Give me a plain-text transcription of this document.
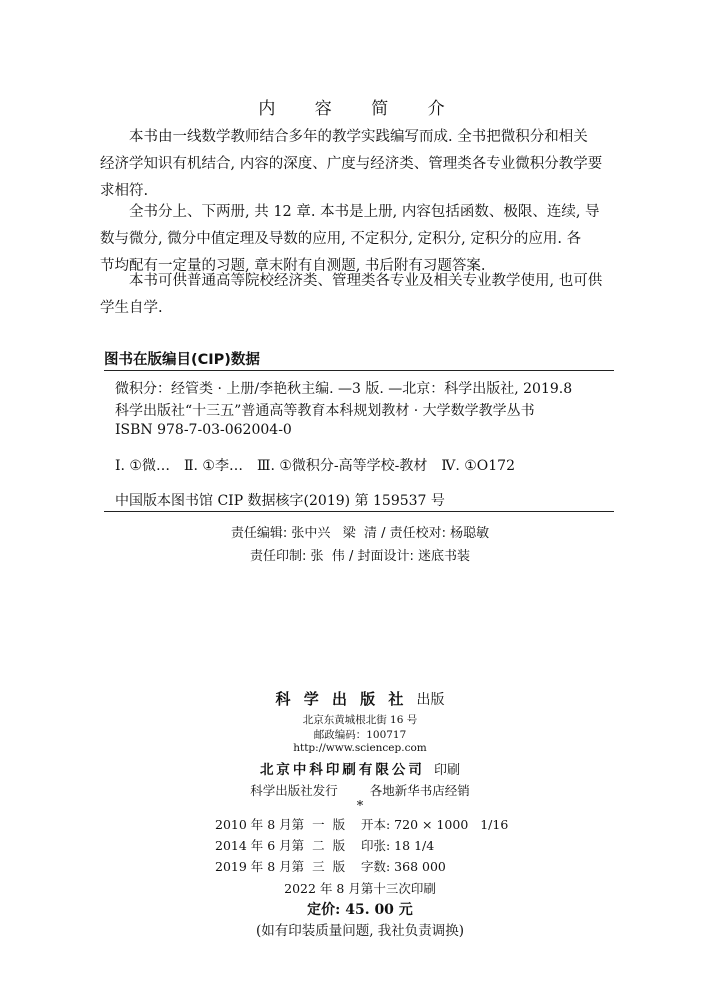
内 容 简 介

本书由一线数学教师结合多年的教学实践编写而成. 全书把微积分和相关
经济学知识有机结合, 内容的深度、广度与经济类、管理类各专业微积分教学要
求相符.

全书分上、下两册, 共 12 章. 本书是上册, 内容包括函数、极限、连续, 导
数与微分, 微分中值定理及导数的应用, 不定积分, 定积分, 定积分的应用. 各
节均配有一定量的习题, 章末附有自测题, 书后附有习题答案.

本书可供普通高等院校经济类、管理类各专业及相关专业教学使用, 也可供
学生自学.

图书在版编目(CIP)数据
微积分：经管类 · 上册/李艳秋主编. —3 版. —北京：科学出版社, 2019.8
科学出版社“十三五”普通高等教育本科规划教材 · 大学数学教学丛书
ISBN 978-7-03-062004-0
Ⅰ. ①微…　Ⅱ. ①李…　Ⅲ. ①微积分-高等学校-教材　Ⅳ. ①O172
中国版本图书馆 CIP 数据核字(2019) 第 159537 号
责任编辑: 张中兴   梁  清 / 责任校对: 杨聪敏
责任印制: 张  伟 / 封面设计: 迷底书装
科 学 出 版 社 出版
北京东黄城根北街 16 号
邮政编码：100717
http://www.sciencep.com
北京中科印刷有限公司 印刷
科学出版社发行	各地新华书店经销
*
2010 年 8 月第  一  版 开本: 720 × 1000   1/16
2014 年 6 月第  二  版 印张: 18 1/4
2019 年 8 月第  三  版 字数: 368 000
2022 年 8 月第十三次印刷
定价: 45. 00 元
(如有印装质量问题, 我社负责调换)
